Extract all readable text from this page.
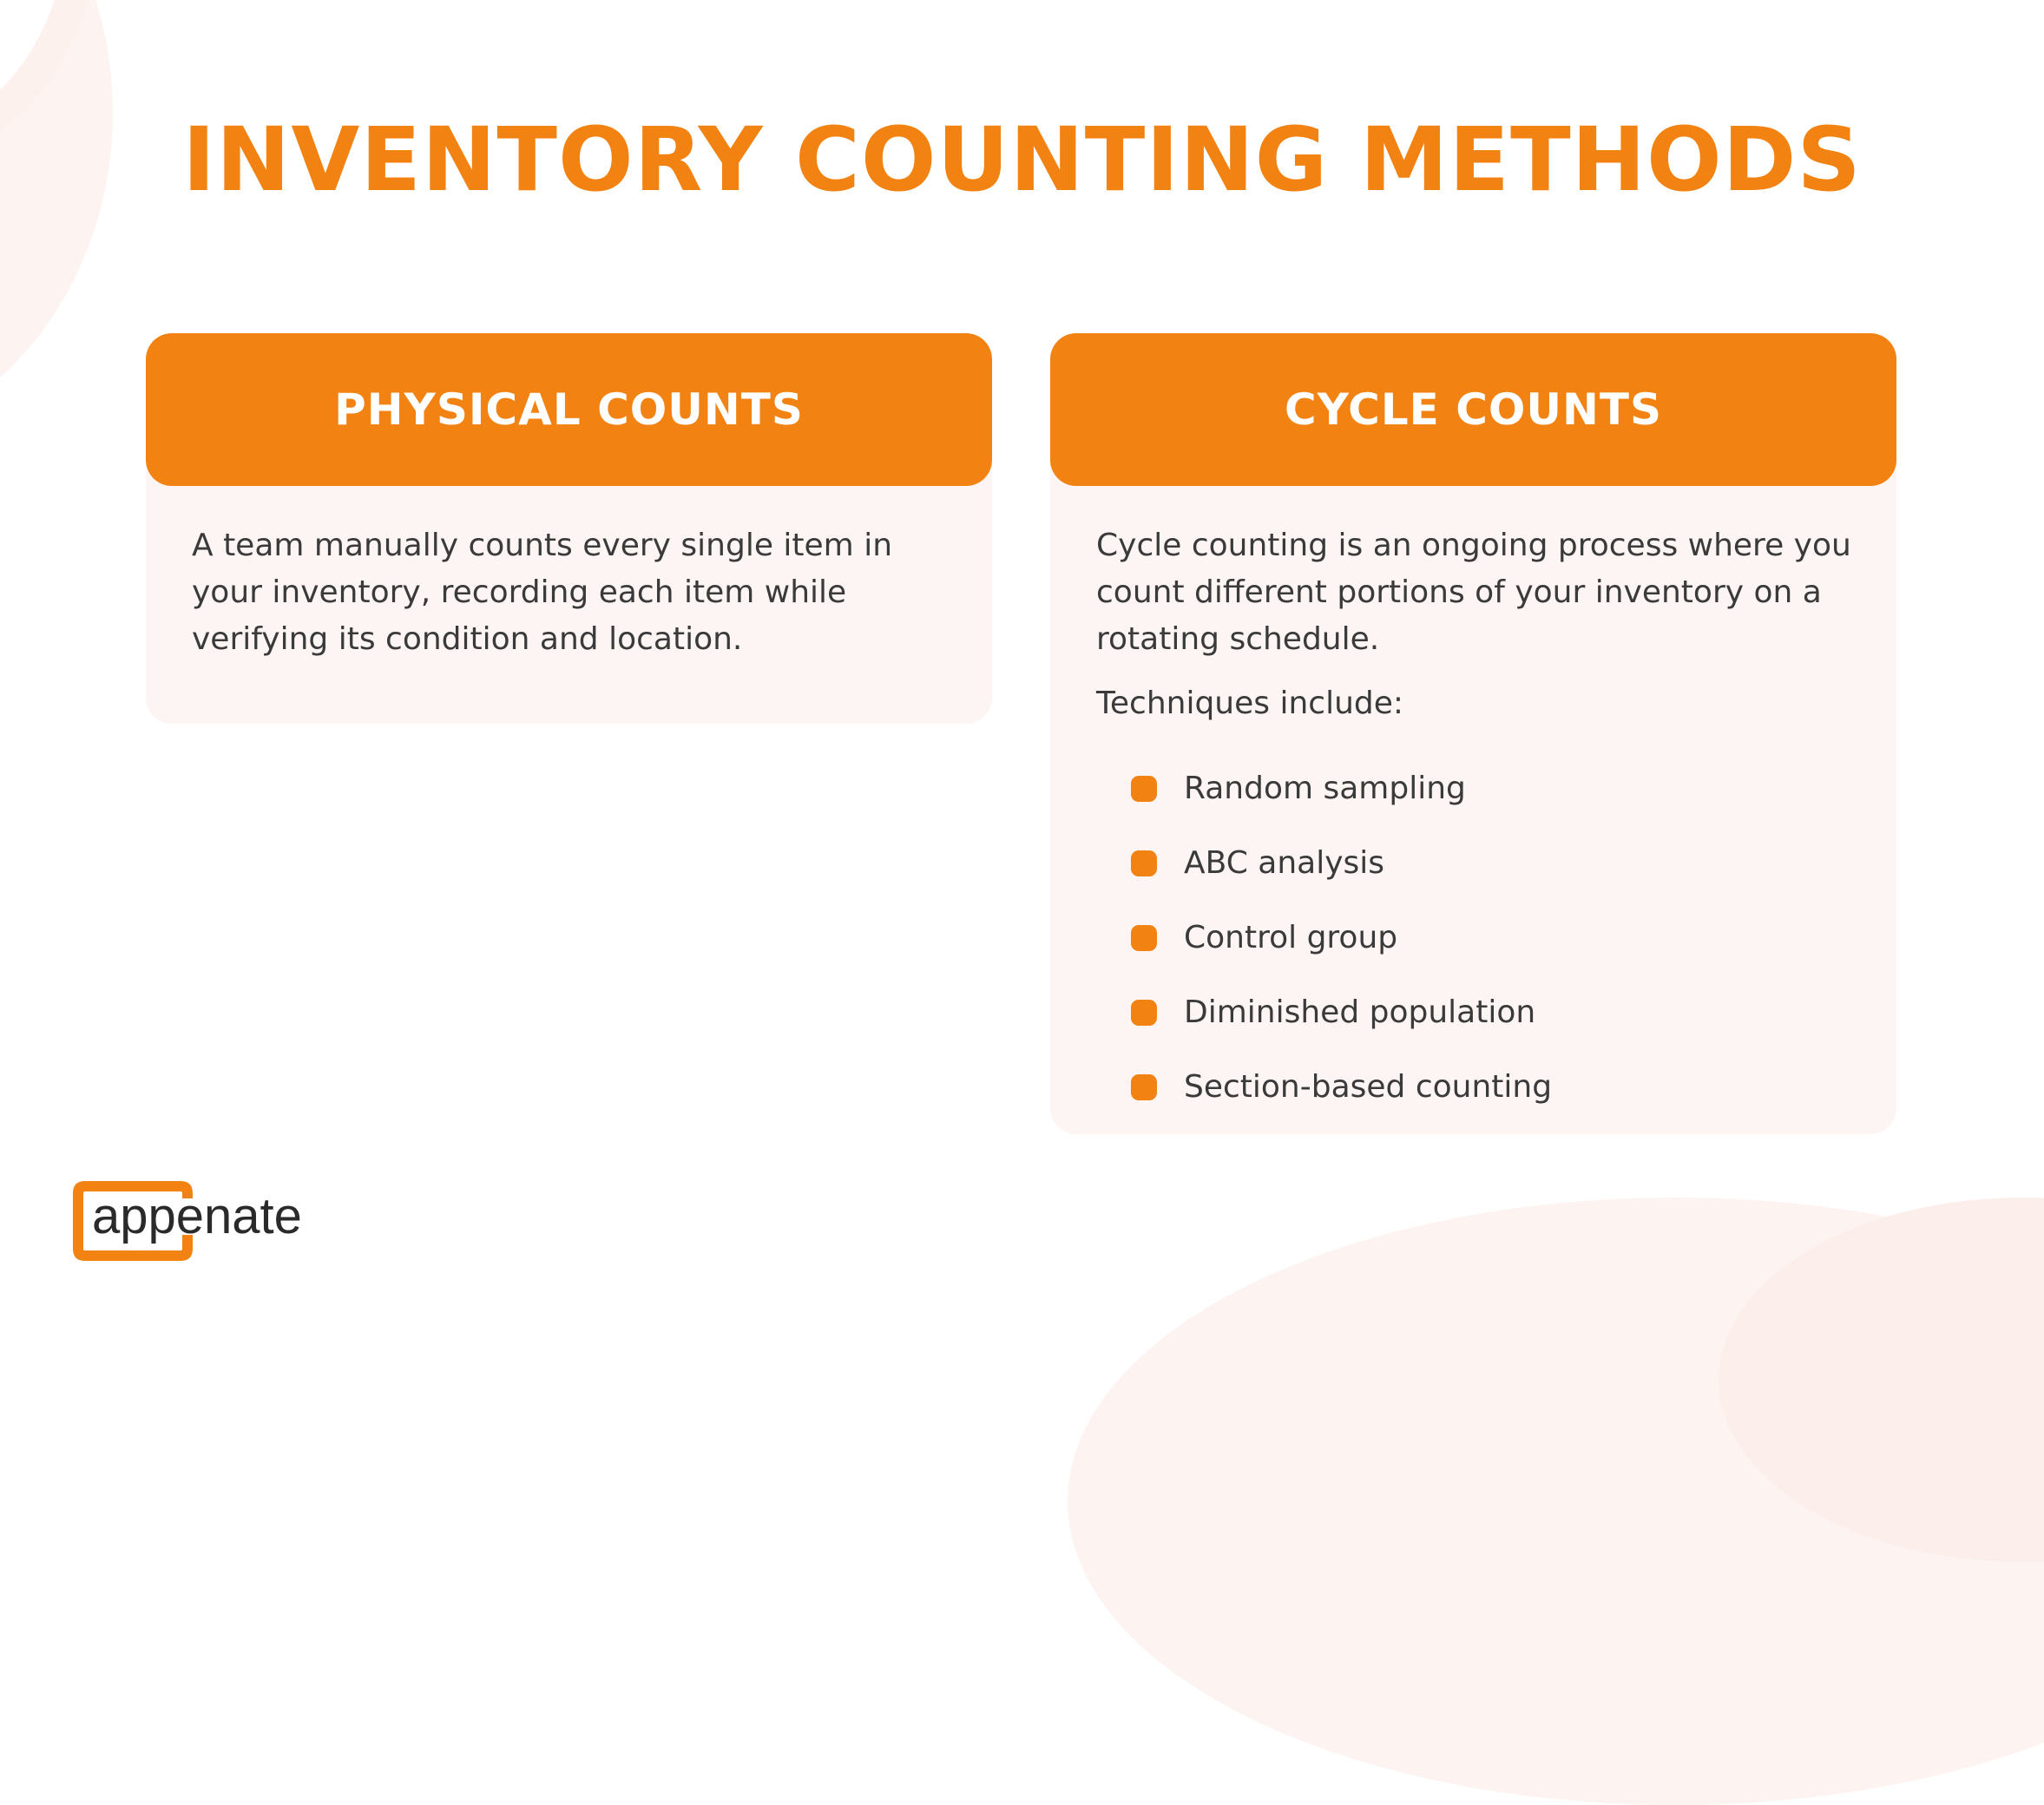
INVENTORY COUNTING METHODS
PHYSICAL COUNTS

A team manually counts every single item in your inventory, recording each item while verifying its condition and location.

CYCLE COUNTS

Cycle counting is an ongoing process where you count different portions of your inventory on a rotating schedule.

Techniques include:

Random sampling
ABC analysis
Control group
Diminished population
Section-based counting
appenate
